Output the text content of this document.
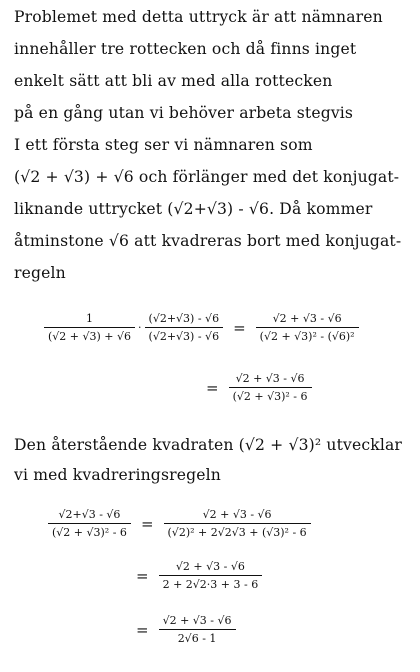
Problemet med detta uttryck är att nämnaren
innehåller tre rottecken och då finns inget
enkelt sätt att bli av med alla rottecken
på en gång utan vi behöver arbeta stegvis
I ett första steg ser vi nämnaren som
(√2 + √3) + √6 och förlänger med det konjugat-
liknande uttrycket (√2+√3) - √6. Då kommer
åtminstone √6 att kvadreras bort med konjugat-
regeln
$\frac{1}{(√2 + √3) + √6} \cdot \frac{(√2+√3) - √6}{(√2+√3) - √6} = \frac{√2 + √3 - √6}{\text{(√2 + √3)² - (√6)²}}$
= $\frac{√2 + √3 - √6}{\text{(√2 + √3)² - 6}}$
Den återstående kvadraten (√2 + √3)² utvecklar
vi med kvadreringsregeln
$\frac{√2+√3 - √6}{\text{(√2 + √3)² - 6}} = \frac{√2 + √3 - √6}{\text{(√2)² + 2√2√3 + (√3)² - 6}}$
= $\frac{√2 + √3 - √6}{2 + 2√2\cdot 3 + 3 - 6}$
= $\frac{√2 + √3 - √6}{2√6 - 1}$
